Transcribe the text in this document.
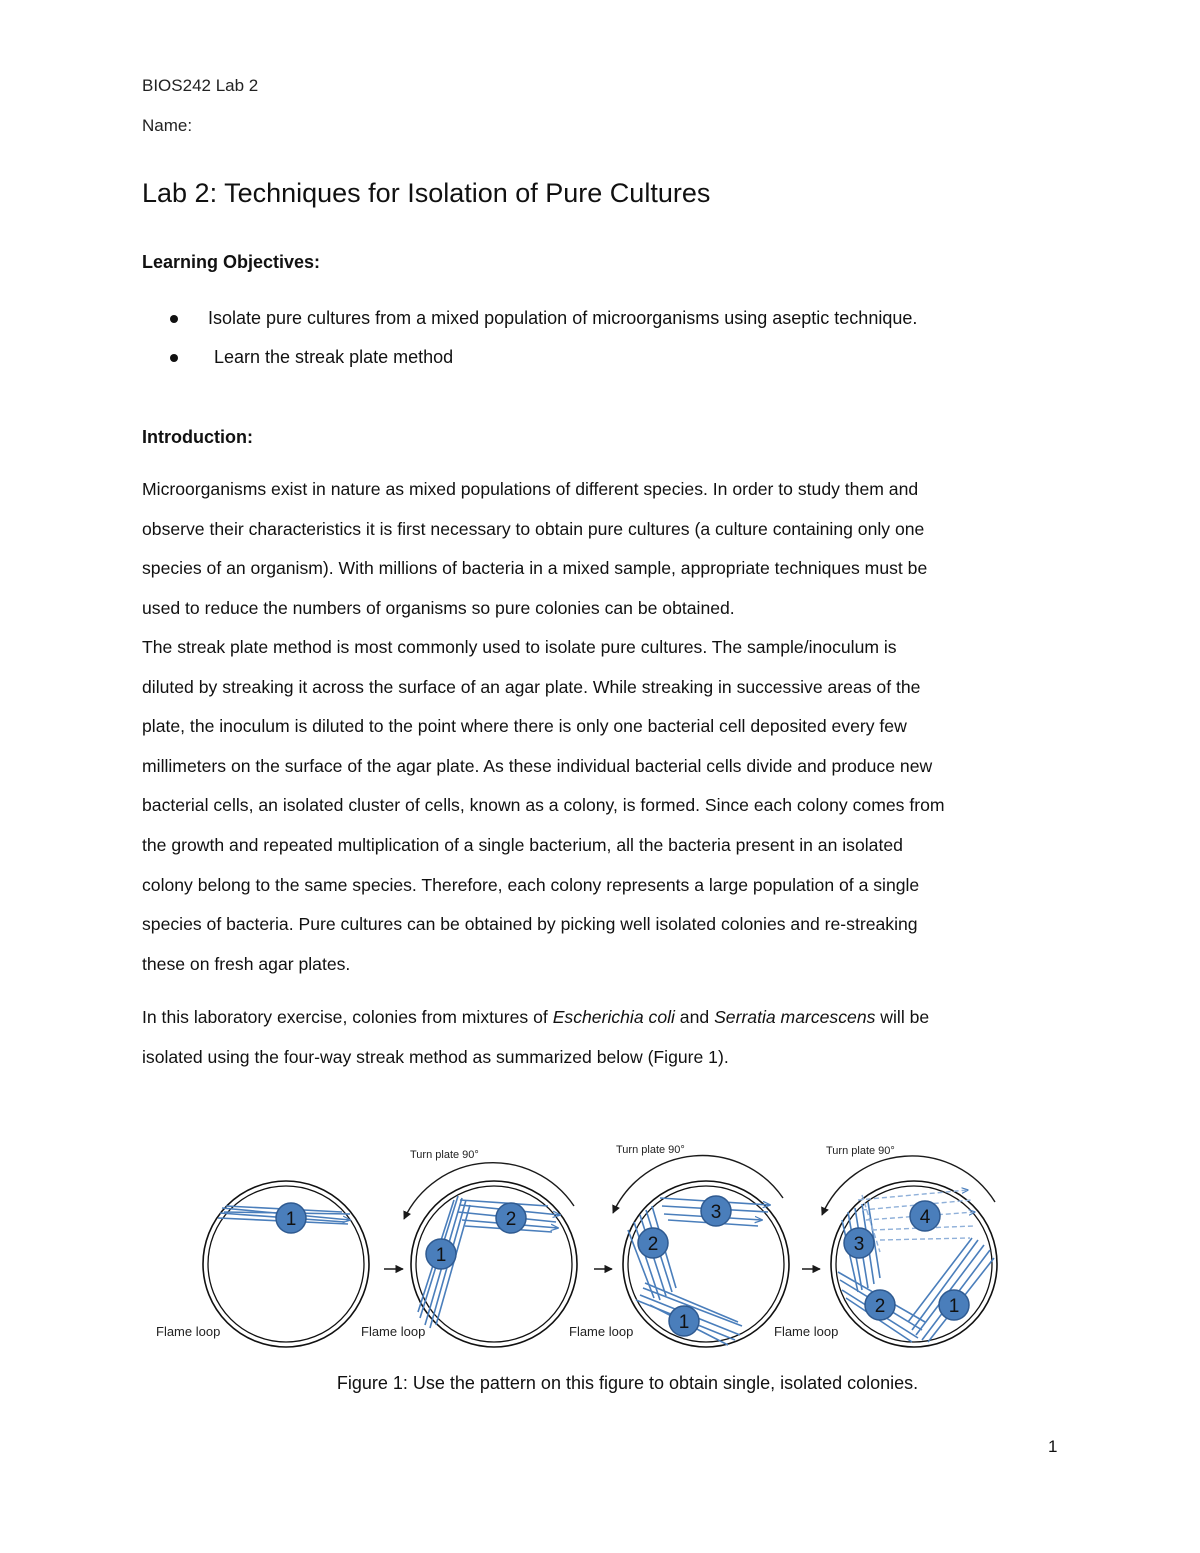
BIOS242 Lab 2
Name:
Lab 2: Techniques for Isolation of Pure Cultures
Learning Objectives:
Isolate pure cultures from a mixed population of microorganisms using aseptic technique.
Learn the streak plate method
Introduction:

Microorganisms exist in nature as mixed populations of different species. In order to study them and
observe their characteristics it is first necessary to obtain pure cultures (a culture containing only one
species of an organism). With millions of bacteria in a mixed sample, appropriate techniques must be
used to reduce the numbers of organisms so pure colonies can be obtained.

The streak plate method is most commonly used to isolate pure cultures. The sample/inoculum is
diluted by streaking it across the surface of an agar plate. While streaking in successive areas of the
plate, the inoculum is diluted to the point where there is only one bacterial cell deposited every few
millimeters on the surface of the agar plate. As these individual bacterial cells divide and produce new
bacterial cells, an isolated cluster of cells, known as a colony, is formed. Since each colony comes from
the growth and repeated multiplication of a single bacterium, all the bacteria present in an isolated
colony belong to the same species. Therefore, each colony represents a large population of a single
species of bacteria. Pure cultures can be obtained by picking well isolated colonies and re-streaking
these on fresh agar plates.

In this laboratory exercise, colonies from mixtures of Escherichia coli and Serratia marcescens will be
isolated using the four-way streak method as summarized below (Figure 1).

1	2
1
3
2
1
4
3
2	1
Turn plate 90°	Turn plate 90°	Turn plate 90°
Flame loop	Flame loop	Flame loop	Flame loop
Figure 1: Use the pattern on this figure to obtain single, isolated colonies.
1
